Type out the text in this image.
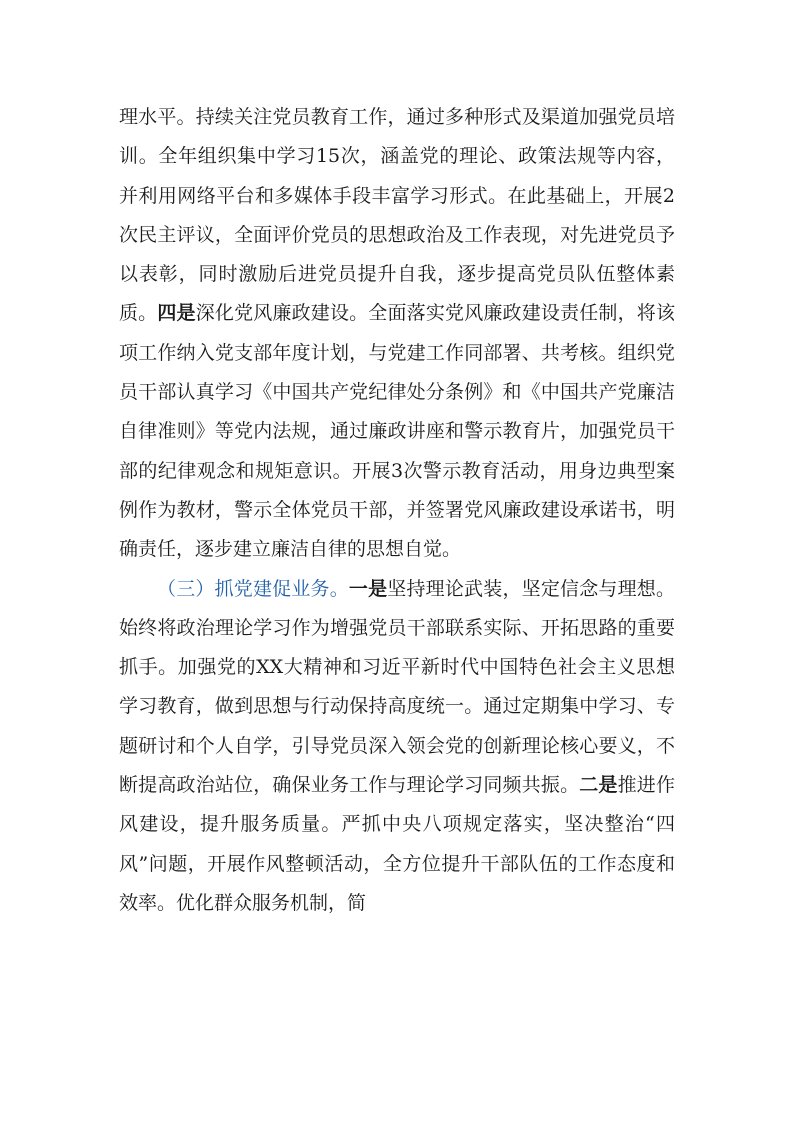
理水平。持续关注党员教育工作，通过多种形式及渠道加强党员培训。全年组织集中学习15次，涵盖党的理论、政策法规等内容，并利用网络平台和多媒体手段丰富学习形式。在此基础上，开展2次民主评议，全面评价党员的思想政治及工作表现，对先进党员予以表彰，同时激励后进党员提升自我，逐步提高党员队伍整体素质。四是深化党风廉政建设。全面落实党风廉政建设责任制，将该项工作纳入党支部年度计划，与党建工作同部署、共考核。组织党员干部认真学习《中国共产党纪律处分条例》和《中国共产党廉洁自律准则》等党内法规，通过廉政讲座和警示教育片，加强党员干部的纪律观念和规矩意识。开展3次警示教育活动，用身边典型案例作为教材，警示全体党员干部，并签署党风廉政建设承诺书，明确责任，逐步建立廉洁自律的思想自觉。

（三）抓党建促业务。一是坚持理论武装，坚定信念与理想。始终将政治理论学习作为增强党员干部联系实际、开拓思路的重要抓手。加强党的XX大精神和习近平新时代中国特色社会主义思想学习教育，做到思想与行动保持高度统一。通过定期集中学习、专题研讨和个人自学，引导党员深入领会党的创新理论核心要义，不断提高政治站位，确保业务工作与理论学习同频共振。二是推进作风建设，提升服务质量。严抓中央八项规定落实，坚决整治“四风”问题，开展作风整顿活动，全方位提升干部队伍的工作态度和效率。优化群众服务机制，简
